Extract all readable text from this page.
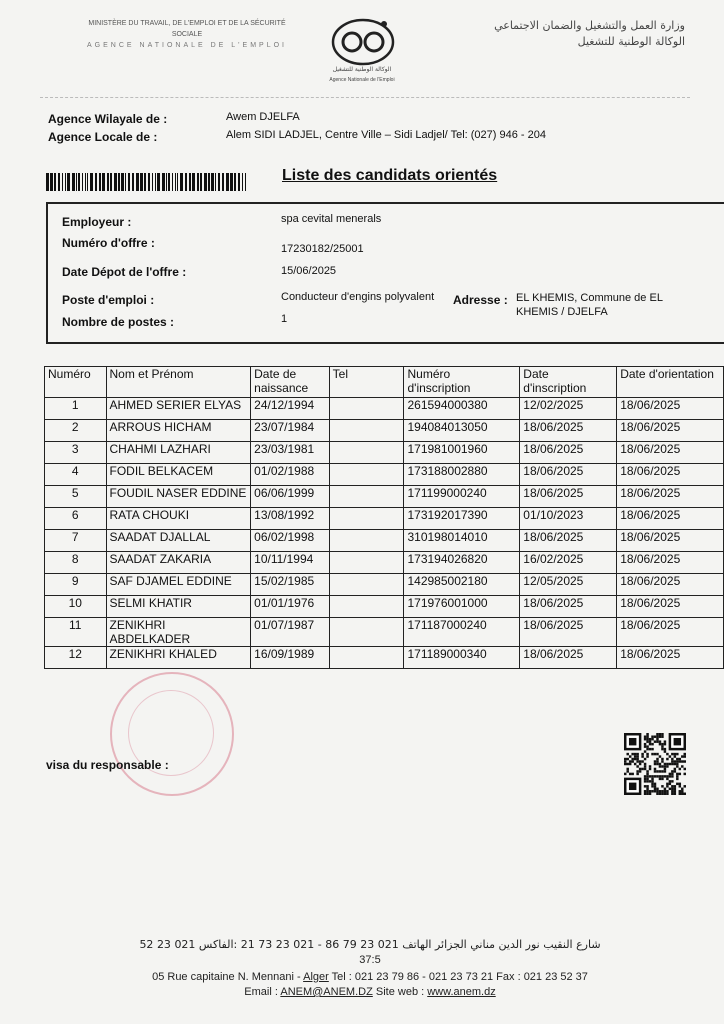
MINISTÈRE DU TRAVAIL, DE L'EMPLOI ET DE LA SÉCURITÉ SOCIALE
AGENCE NATIONALE DE L'EMPLOI
الوكالة الوطنية للتشغيل
Agence Nationale de l'Emploi
وزارة العمل والتشغيل والضمان الاجتماعي
الوكالة الوطنية للتشغيل
Agence Wilayale de :	Awem DJELFA
Agence Locale de :	Alem SIDI LADJEL, Centre Ville – Sidi Ladjel/ Tel: (027) 946 - 204
Liste des candidats orientés
Employeur :	spa cevital menerals
Numéro d'offre :	17230182/25001
Date Dépot de l'offre :	15/06/2025
Poste d'emploi :	Conducteur d'engins polyvalent Adresse : EL KHEMIS, Commune de EL KHEMIS / DJELFA
Nombre de postes :	1
Numéro	Nom et Prénom	Date de naissance	Tel	Numéro d'inscription	Date d'inscription	Date d'orientation
1	AHMED SERIER ELYAS	24/12/1994		261594000380	12/02/2025	18/06/2025
2	ARROUS HICHAM	23/07/1984		194084013050	18/06/2025	18/06/2025
3	CHAHMI LAZHARI	23/03/1981		171981001960	18/06/2025	18/06/2025
4	FODIL BELKACEM	01/02/1988		173188002880	18/06/2025	18/06/2025
5	FOUDIL NASER EDDINE	06/06/1999		171199000240	18/06/2025	18/06/2025
6	RATA CHOUKI	13/08/1992		173192017390	01/10/2023	18/06/2025
7	SAADAT DJALLAL	06/02/1998		310198014010	18/06/2025	18/06/2025
8	SAADAT ZAKARIA	10/11/1994		173194026820	16/02/2025	18/06/2025
9	SAF DJAMEL EDDINE	15/02/1985		142985002180	12/05/2025	18/06/2025
10	SELMI KHATIR	01/01/1976		171976001000	18/06/2025	18/06/2025
11	ZENIKHRI ABDELKADER	01/07/1987		171187000240	18/06/2025	18/06/2025
12	ZENIKHRI KHALED	16/09/1989		171189000340	18/06/2025	18/06/2025
visa du responsable :
شارع النقيب نور الدين مناني الجزائر الهاتف 021 23 79 86 - 021 23 73 21 :الفاكس 021 23 52
37:5
05 Rue capitaine N. Mennani - Alger Tel : 021 23 79 86 - 021 23 73 21 Fax : 021 23 52 37
Email : ANEM@ANEM.DZ Site web : www.anem.dz
